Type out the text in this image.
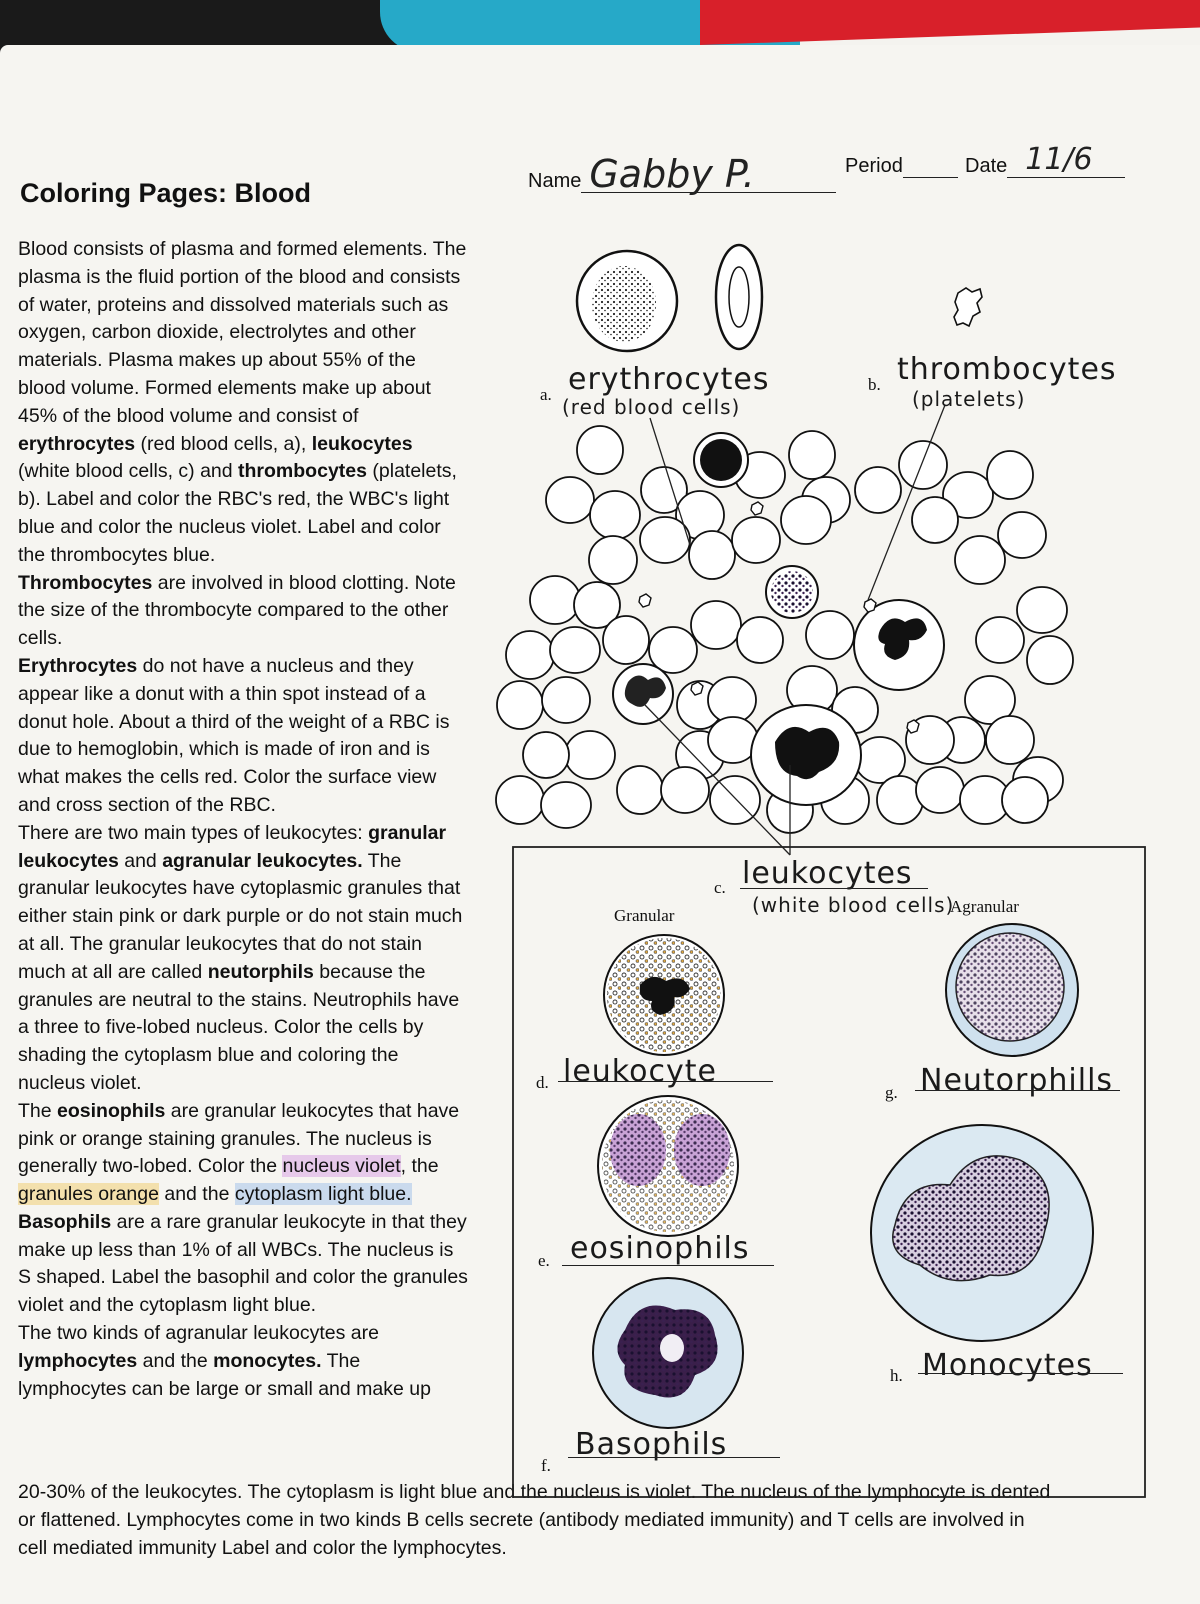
Coloring Pages: Blood	Name Gabby P.	Period	Date 11/6

Blood consists of plasma and formed elements. The plasma is the fluid portion of the blood and consists of water, proteins and dissolved materials such as oxygen, carbon dioxide, electrolytes and other materials. Plasma makes up about 55% of the blood volume. Formed elements make up about 45% of the blood volume and consist of erythrocytes (red blood cells, a), leukocytes (white blood cells, c) and thrombocytes (platelets, b). Label and color the RBC's red, the WBC's light blue and color the nucleus violet. Label and color the thrombocytes blue.

Thrombocytes are involved in blood clotting. Note the size of the thrombocyte compared to the other cells.

Erythrocytes do not have a nucleus and they appear like a donut with a thin spot instead of a donut hole. About a third of the weight of a RBC is due to hemoglobin, which is made of iron and is what makes the cells red. Color the surface view and cross section of the RBC.

There are two main types of leukocytes: granular leukocytes and agranular leukocytes. The granular leukocytes have cytoplasmic granules that either stain pink or dark purple or do not stain much at all. The granular leukocytes that do not stain much at all are called neutorphils because the granules are neutral to the stains. Neutrophils have a three to five-lobed nucleus. Color the cells by shading the cytoplasm blue and coloring the nucleus violet.

The eosinophils are granular leukocytes that have pink or orange staining granules. The nucleus is generally two-lobed. Color the nucleus violet, the granules orange and the cytoplasm light blue.

Basophils are a rare granular leukocyte in that they make up less than 1% of all WBCs. The nucleus is S shaped. Label the basophil and color the granules violet and the cytoplasm light blue.

The two kinds of agranular leukocytes are lymphocytes and the monocytes. The lymphocytes can be large or small and make up

20-30% of the leukocytes. The cytoplasm is light blue and the nucleus is violet. The nucleus of the lymphocyte is dented

or flattened. Lymphocytes come in two kinds B cells secrete (antibody mediated immunity) and T cells are involved in

cell mediated immunity Label and color the lymphocytes.

a. erythrocytes
(red blood cells)
b. thrombocytes
(platelets)
c. leukocytes
(white blood cells)
Granular	Agranular
d. leukocyte
e. eosinophils
f.
Basophils
g. Neutorphills
h. Monocytes
